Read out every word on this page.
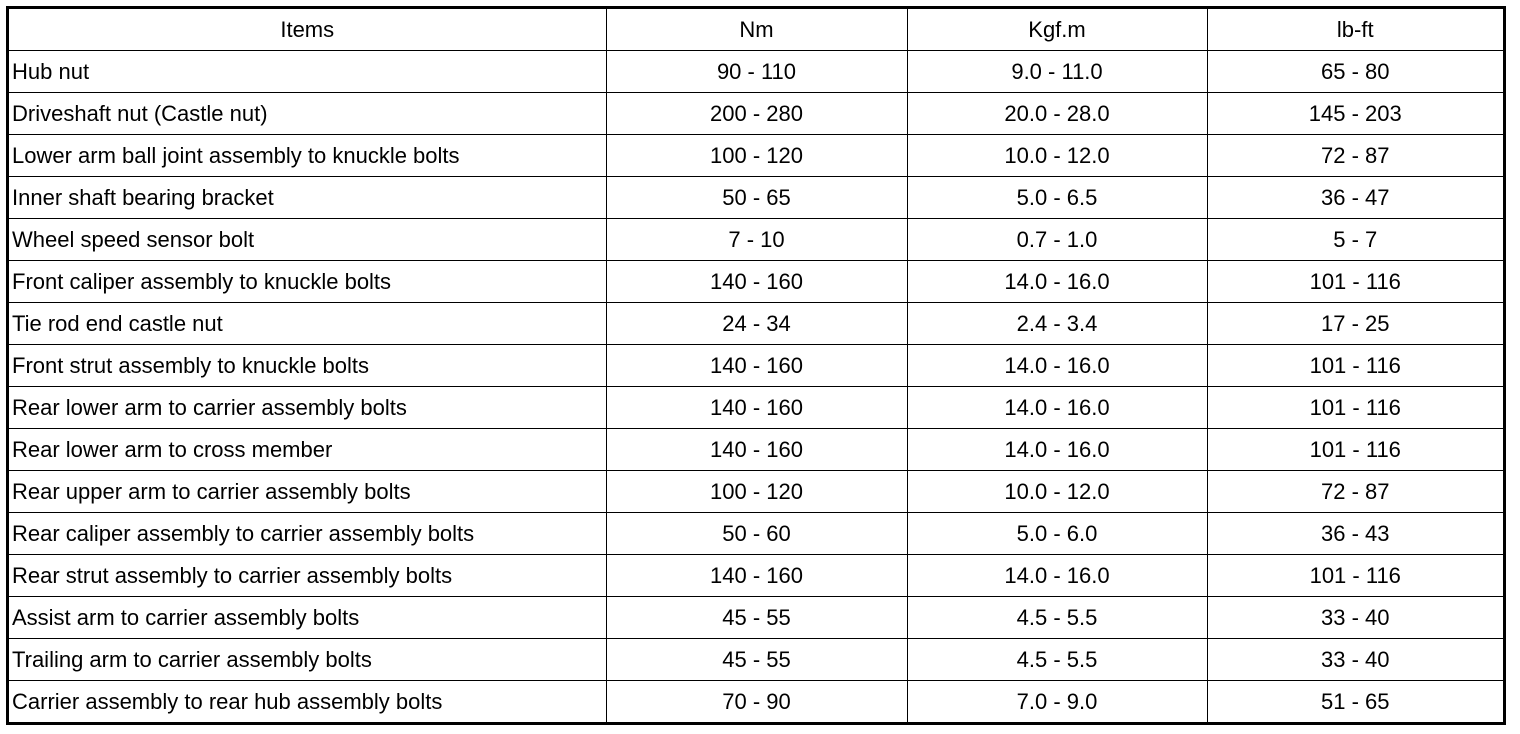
Items	Nm	Kgf.m	lb-ft
Hub nut	90 - 110	9.0 - 11.0	65 - 80
Driveshaft nut (Castle nut)	200 - 280	20.0 - 28.0	145 - 203
Lower arm ball joint assembly to knuckle bolts	100 - 120	10.0 - 12.0	72 - 87
Inner shaft bearing bracket	50 - 65	5.0 - 6.5	36 - 47
Wheel speed sensor bolt	7 - 10	0.7 - 1.0	5 - 7
Front caliper assembly to knuckle bolts	140 - 160	14.0 - 16.0	101 - 116
Tie rod end castle nut	24 - 34	2.4 - 3.4	17 - 25
Front strut assembly to knuckle bolts	140 - 160	14.0 - 16.0	101 - 116
Rear lower arm to carrier assembly bolts	140 - 160	14.0 - 16.0	101 - 116
Rear lower arm to cross member	140 - 160	14.0 - 16.0	101 - 116
Rear upper arm to carrier assembly bolts	100 - 120	10.0 - 12.0	72 - 87
Rear caliper assembly to carrier assembly bolts	50 - 60	5.0 - 6.0	36 - 43
Rear strut assembly to carrier assembly bolts	140 - 160	14.0 - 16.0	101 - 116
Assist arm to carrier assembly bolts	45 - 55	4.5 - 5.5	33 - 40
Trailing arm to carrier assembly bolts	45 - 55	4.5 - 5.5	33 - 40
Carrier assembly to rear hub assembly bolts	70 - 90	7.0 - 9.0	51 - 65
